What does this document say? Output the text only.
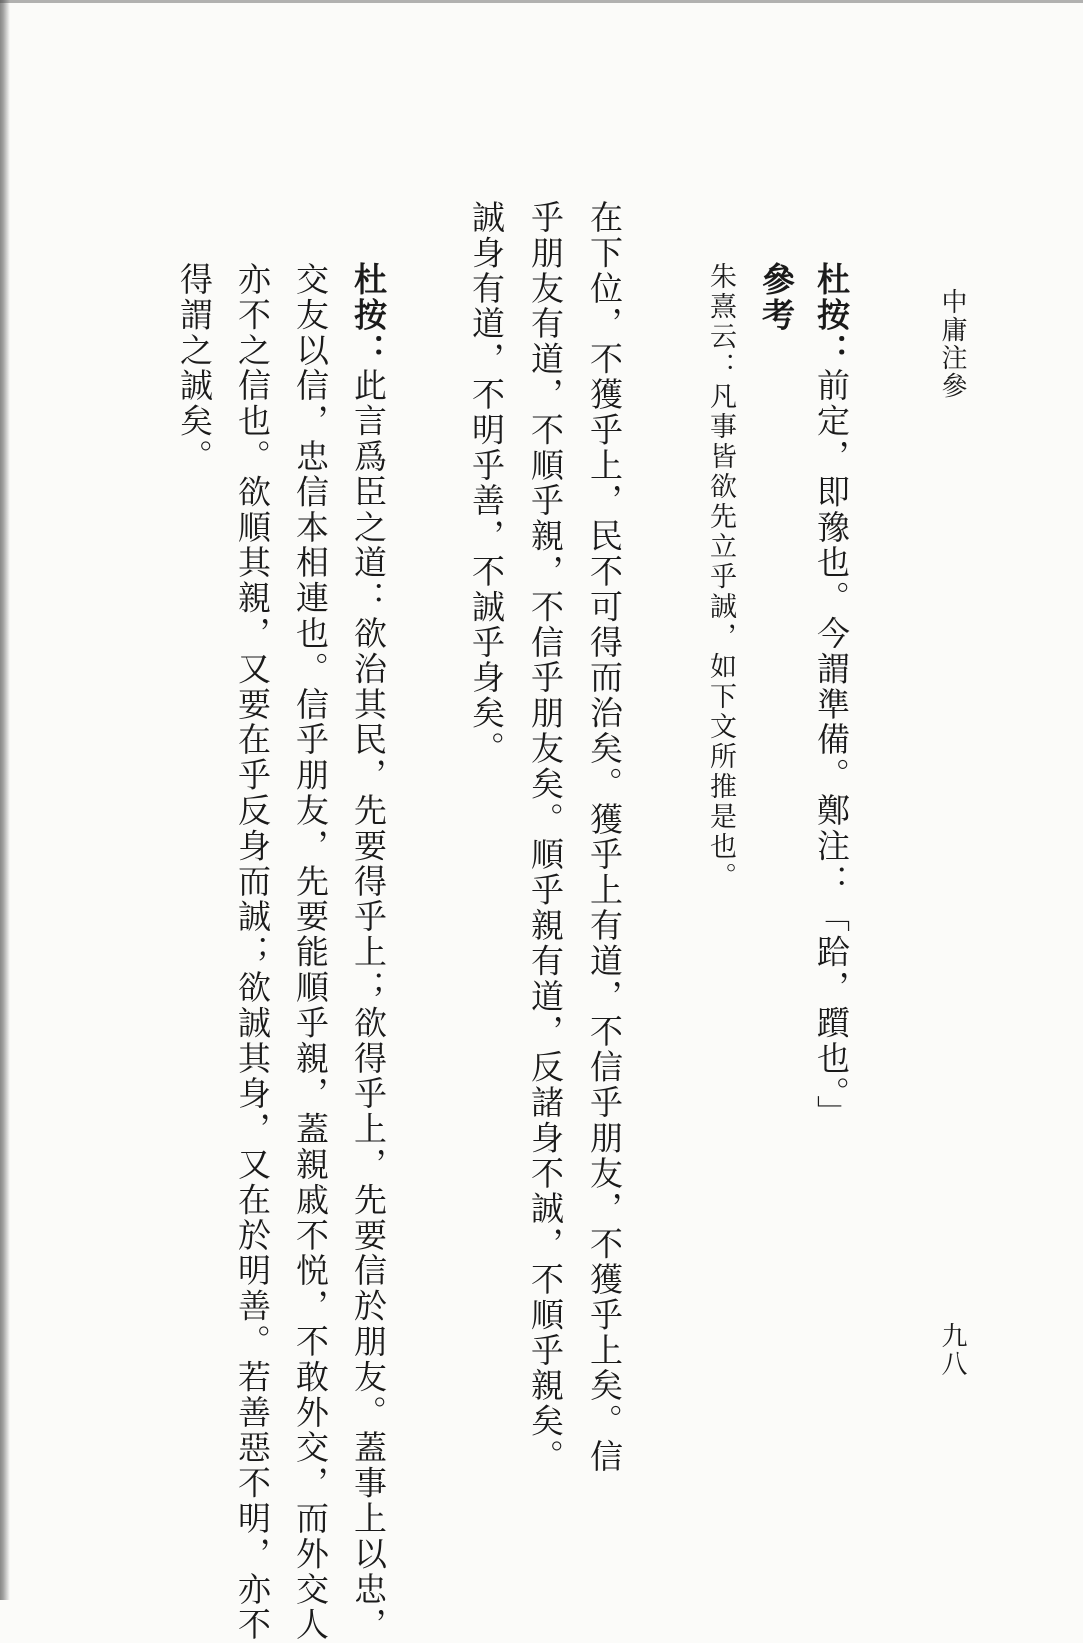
中庸注參
九八
杜按：前定，即豫也。今謂準備。鄭注：「跲，躓也。」
參考
朱熹云：凡事皆欲先立乎誠，如下文所推是也。
在下位，不獲乎上，民不可得而治矣。獲乎上有道，不信乎朋友，不獲乎上矣。信
乎朋友有道，不順乎親，不信乎朋友矣。順乎親有道，反諸身不誠，不順乎親矣。
誠身有道，不明乎善，不誠乎身矣。
杜按：此言爲臣之道：欲治其民，先要得乎上；欲得乎上，先要信於朋友。蓋事上以忠，
交友以信，忠信本相連也。信乎朋友，先要能順乎親，蓋親戚不悦，不敢外交，而外交人
亦不之信也。欲順其親，又要在乎反身而誠；欲誠其身，又在於明善。若善惡不明，亦不
得謂之誠矣。
